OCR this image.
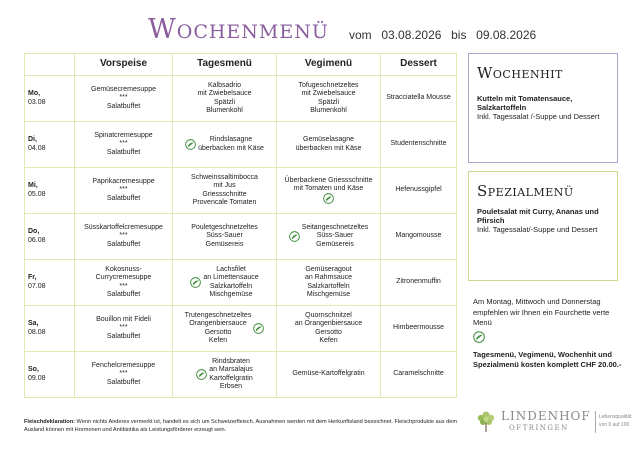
Wochenmenü vom 03.08.2026 bis 09.08.2026
	Vorspeise	Tagesmenü	Vegimenü	Dessert

Mo,
03.08	Gemüsecremesuppe
***
Salatbuffet	Kalbsadrio
mit Zwiebelsauce
Spätzli
Blumenkohl	Tofugeschnetzeltes
mit Zwiebelsauce
Spätzli
Blumenkohl	Stracciatella Mousse

Di,
04.08	Spinatcremesuppe
***
Salatbuffet	Rindslasagne
überbacken mit Käse	Gemüselasagne
überbacken mit Käse	Studentenschnitte

Mi,
05.08	Paprikacremesuppe
***
Salatbuffet	Schweinssaltimbocca
mit Jus
Griessschnitte
Provencale Tomaten	Überbackene Griessschnitte
mit Tomaten und Käse	Hefenussgipfel

Do,
06.08	Süsskartoffelcremesuppe
***
Salatbuffet	Pouletgeschnetzeltes
Süss-Sauer
Gemüsereis	Seitangeschnetzeltes
Süss-Sauer
Gemüsereis	Mangomousse

Fr,
07.08	Kokosnuss-
Currycremesuppe
***
Salatbuffet	Lachsfilet
an Limettensauce
Salzkartoffeln
Mischgemüse	Gemüseragout
an Rahmsauce
Salzkartoffeln
Mischgemüse	Zitronenmuffin

Sa,
08.08	Bouillon mit Fideli
***
Salatbuffet	Trutengeschnetzeltes
Orangenbiersauce
Gersotto
Kefen	Quornschnitzel
an Orangenbiersauce
Gersotto
Kefen	Himbeermousse

So,
09.08	Fenchelcremesuppe
***
Salatbuffet	Rindsbraten
an Marsalajus
Kartoffelgratin
Erbsen	Gemüse-Kartoffelgratin	Caramelschnitte
Wochenhit
Kutteln mit Tomatensauce, Salzkartoffeln
Inkl. Tagessalat /-Suppe und Dessert
Spezialmenü
Pouletsalat mit Curry, Ananas und Pfirsich
Inkl. Tagessalat/-Suppe und Dessert
Am Montag, Mittwoch und Donnerstag empfehlen wir Ihnen ein Fourchette verte Menü
Tagesmenü, Vegimenü, Wochenhit und Spezialmenü kosten komplett CHF 20.00.-
Fleischdeklaration: Wenn nichts Anderes vermerkt ist, handelt es sich um Schweizerfleisch. Ausnahmen werden mit dem Herkunftsland bezeichnet. Fleischprodukte aus dem Ausland können mit Hormonen und Antibiotika als Leistungsförderer erzeugt sein.
LINDENHOF
OFTRINGEN
Lebensqualität
von 0 auf 100
